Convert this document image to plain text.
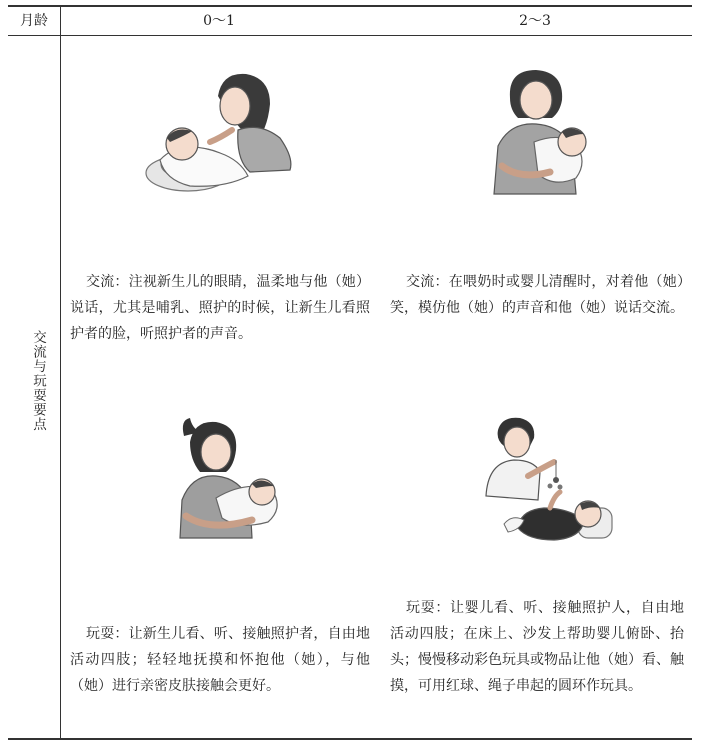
月龄	0～1	2～3
交流与玩耍要点
交流：注视新生儿的眼睛，温柔地与他（她）说话，尤其是哺乳、照护的时候，让新生儿看照护者的脸，听照护者的声音。
交流：在喂奶时或婴儿清醒时，对着他（她）笑，模仿他（她）的声音和他（她）说话交流。
玩耍：让新生儿看、听、接触照护者，自由地活动四肢；轻轻地抚摸和怀抱他（她），与他（她）进行亲密皮肤接触会更好。
玩耍：让婴儿看、听、接触照护人，自由地活动四肢；在床上、沙发上帮助婴儿俯卧、抬头；慢慢移动彩色玩具或物品让他（她）看、触摸，可用红球、绳子串起的圆环作玩具。
